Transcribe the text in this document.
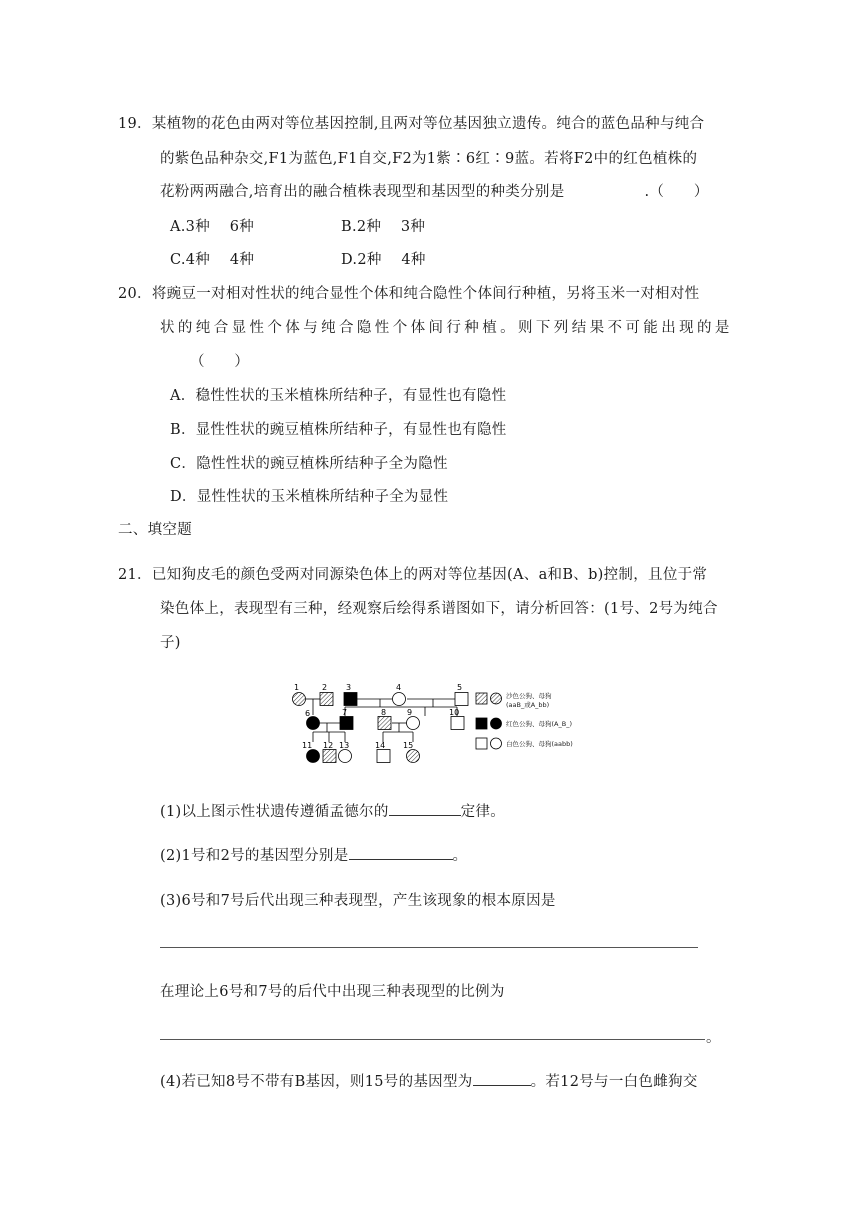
19．某植物的花色由两对等位基因控制,且两对等位基因独立遗传。纯合的蓝色品种与纯合
的紫色品种杂交,F1为蓝色,F1自交,F2为1紫∶6红∶9蓝。若将F2中的红色植株的
花粉两两融合,培育出的融合植株表现型和基因型的种类分别是	.（　　）
A.3种　 6种	B.2种　 3种
C.4种　 4种	D.2种　 4种
20．将豌豆一对相对性状的纯合显性个体和纯合隐性个体间行种植，另将玉米一对相对性
状的纯合显性个体与纯合隐性个体间行种植。则下列结果不可能出现的是
（　　）
A．稳性性状的玉米植株所结种子，有显性也有隐性
B．显性性状的豌豆植株所结种子，有显性也有隐性
C．隐性性状的豌豆植株所结种子全为隐性
D．显性性状的玉米植株所结种子全为显性
二、填空题
21．已知狗皮毛的颜色受两对同源染色体上的两对等位基因(A、a和B、b)控制，且位于常
染色体上，表现型有三种，经观察后绘得系谱图如下，请分析回答：(1号、2号为纯合
子)
1	2 3	4	5
6	7	8	9	10
11 12 13	14 15
沙色公狗、母狗
(aaB_或A_bb)
红色公狗、母狗(A_B_)
白色公狗、母狗(aabb)
(1)以上图示性状遗传遵循孟德尔的	定律。
(2)1号和2号的基因型分别是	。
(3)6号和7号后代出现三种表现型，产生该现象的根本原因是
在理论上6号和7号的后代中出现三种表现型的比例为
。
(4)若已知8号不带有B基因，则15号的基因型为	。若12号与一白色雌狗交
